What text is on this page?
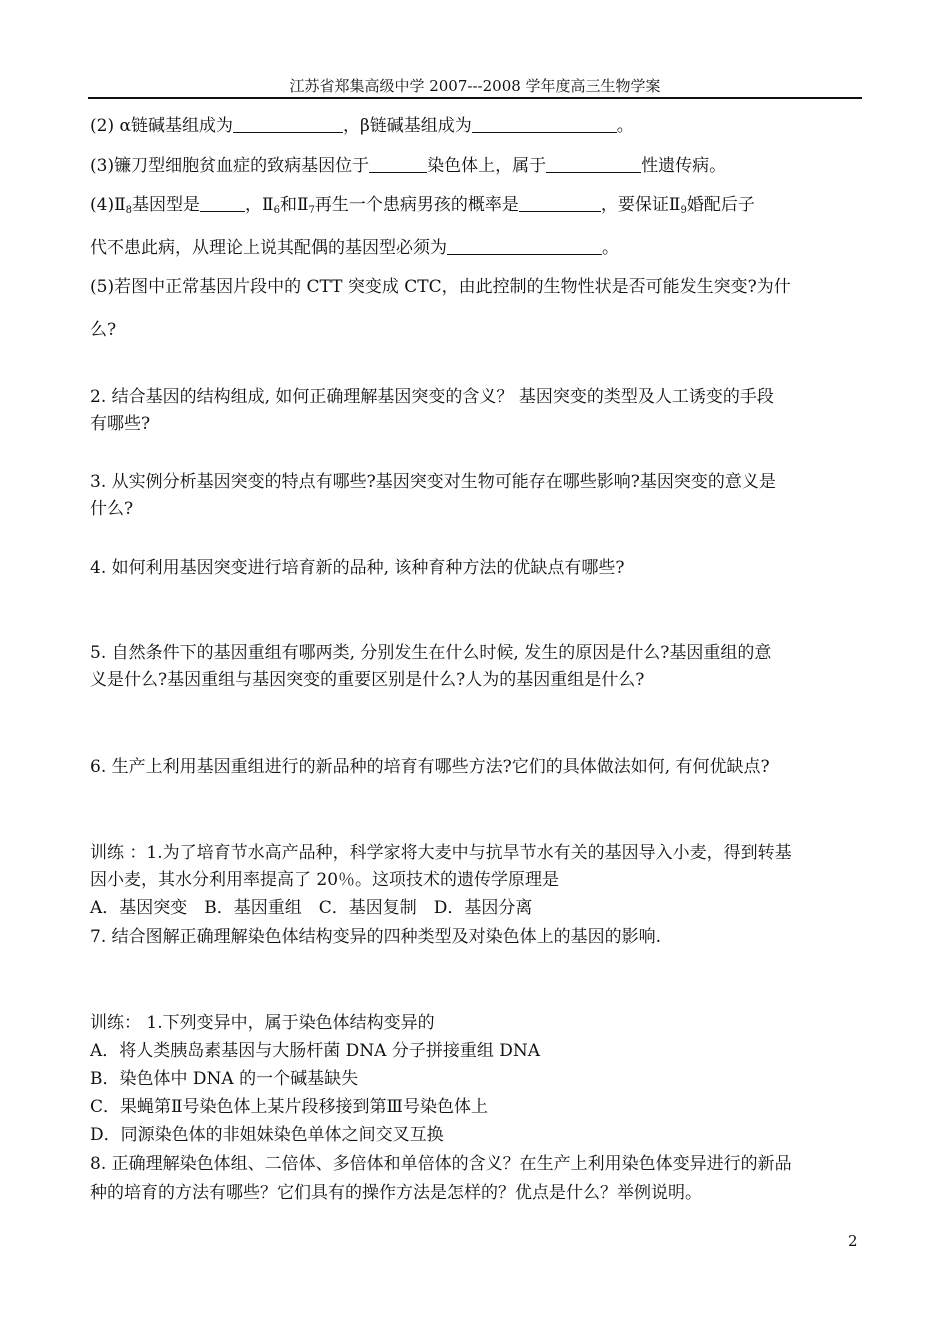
江苏省郑集高级中学 2007---2008 学年度高三生物学案
(2) α链碱基组成为	，β链碱基组成为	。
(3)镰刀型细胞贫血症的致病基因位于	染色体上，属于	性遗传病。
$(4)Ⅱ_8$基因型是	，$Ⅱ_6$和$Ⅱ_7$再生一个患病男孩的概率是	，要保证$Ⅱ_9$婚配后子
代不患此病，从理论上说其配偶的基因型必须为	。
(5)若图中正常基因片段中的 CTT 突变成 CTC，由此控制的生物性状是否可能发生突变?为什
么?
2. 结合基因的结构组成, 如何正确理解基因突变的含义？ 基因突变的类型及人工诱变的手段
有哪些?
3. 从实例分析基因突变的特点有哪些?基因突变对生物可能存在哪些影响?基因突变的意义是
什么?
4. 如何利用基因突变进行培育新的品种, 该种育种方法的优缺点有哪些?
5. 自然条件下的基因重组有哪两类, 分别发生在什么时候, 发生的原因是什么?基因重组的意
义是什么?基因重组与基因突变的重要区别是什么?人为的基因重组是什么?
6. 生产上利用基因重组进行的新品种的培育有哪些方法?它们的具体做法如何, 有何优缺点?
训练 ：1.为了培育节水高产品种，科学家将大麦中与抗旱节水有关的基因导入小麦，得到转基
因小麦，其水分利用率提高了 20％。这项技术的遗传学原理是
A．基因突变　B．基因重组　C．基因复制　D．基因分离
7. 结合图解正确理解染色体结构变异的四种类型及对染色体上的基因的影响.
训练： 1.下列变异中，属于染色体结构变异的
A．将人类胰岛素基因与大肠杆菌 DNA 分子拼接重组 DNA
B．染色体中 DNA 的一个碱基缺失
C．果蝇第Ⅱ号染色体上某片段移接到第Ⅲ号染色体上
D．同源染色体的非姐妹染色单体之间交叉互换
8. 正确理解染色体组、二倍体、多倍体和单倍体的含义？在生产上利用染色体变异进行的新品
种的培育的方法有哪些？它们具有的操作方法是怎样的？优点是什么？举例说明。
2
